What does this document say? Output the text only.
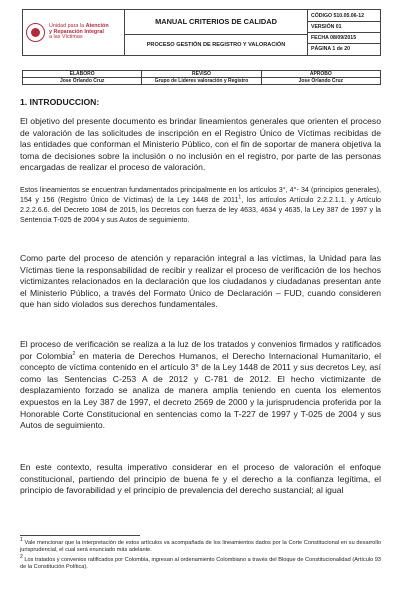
Unidad para la Atención
y Reparación Integral
a las Víctimas

MANUAL CRITERIOS DE CALIDAD
PROCESO GESTIÓN DE REGISTRO Y VALORACIÓN

CÓDIGO 510.05.06-12
VERSIÓN 01
FECHA 08/09/2015
PÁGINA 1 de 20
ELABORÓ	REVISÓ	APROBÓ
Jose Orlando Cruz	Grupo de Lideres valoración y Registro	Jose Orlando Cruz
1. INTRODUCCION:

El objetivo del presente documento es brindar lineamientos generales que orienten el proceso de valoración de las solicitudes de inscripción en el Registro Único de Víctimas recibidas de las entidades que conforman el Ministerio Público, con el fin de soportar de manera objetiva la toma de decisiones sobre la inclusión o no inclusión en el registro, por parte de las personas encargadas de realizar el proceso de valoración.

Estos lineamientos se encuentran fundamentados principalmente en los artículos 3°, 4°- 34 (principios generales), 154 y 156 (Registro Único de Víctimas) de la Ley 1448 de 2011$^1$, los artículos Artículo 2.2.2.1.1. y Artículo 2.2.2.6.6. del Decreto 1084 de 2015, los Decretos con fuerza de ley 4633, 4634 y 4635, la Ley 387 de 1997 y la Sentencia T-025 de 2004 y sus Autos de seguimiento.

Como parte del proceso de atención y reparación integral a las víctimas, la Unidad para las Víctimas tiene la responsabilidad de recibir y realizar el proceso de verificación de los hechos victimizantes relacionados en la declaración que los ciudadanos y ciudadanas presentan ante el Ministerio Público, a través del Formato Único de Declaración – FUD, cuando consideren que han sido violados sus derechos fundamentales.

El proceso de verificación se realiza a la luz de los tratados y convenios firmados y ratificados por Colombia$^2$ en materia de Derechos Humanos, el Derecho Internacional Humanitario, el concepto de víctima contenido en el artículo 3° de la Ley 1448 de 2011 y sus decretos Ley, así como las Sentencias C-253 A de 2012 y C-781 de 2012. El hecho victimizante de desplazamiento forzado se analiza de manera amplia teniendo en cuenta los elementos expuestos en la Ley 387 de 1997, el decreto 2569 de 2000 y la jurisprudencia proferida por la Honorable Corte Constitucional en sentencias como la T-227 de 1997 y T-025 de 2004 y sus Autos de seguimiento.

En este contexto, resulta imperativo considerar en el proceso de valoración el enfoque constitucional, partiendo del principio de buena fe y el derecho a la confianza legítima, el principio de favorabilidad y el principio de prevalencia del derecho sustancial; al igual

$^1$ Vale mencionar que la interpretación de estos artículos va acompañada de los lineamientos dados por la Corte Constitucional en su desarrollo jurisprudencial, el cual será enunciado más adelante.

$^2$ Los tratados y convenios ratificados por Colombia, ingresan al ordenamiento Colombiano a través del Bloque de Constitucionalidad (Artículo 93 de la Constitución Política).
